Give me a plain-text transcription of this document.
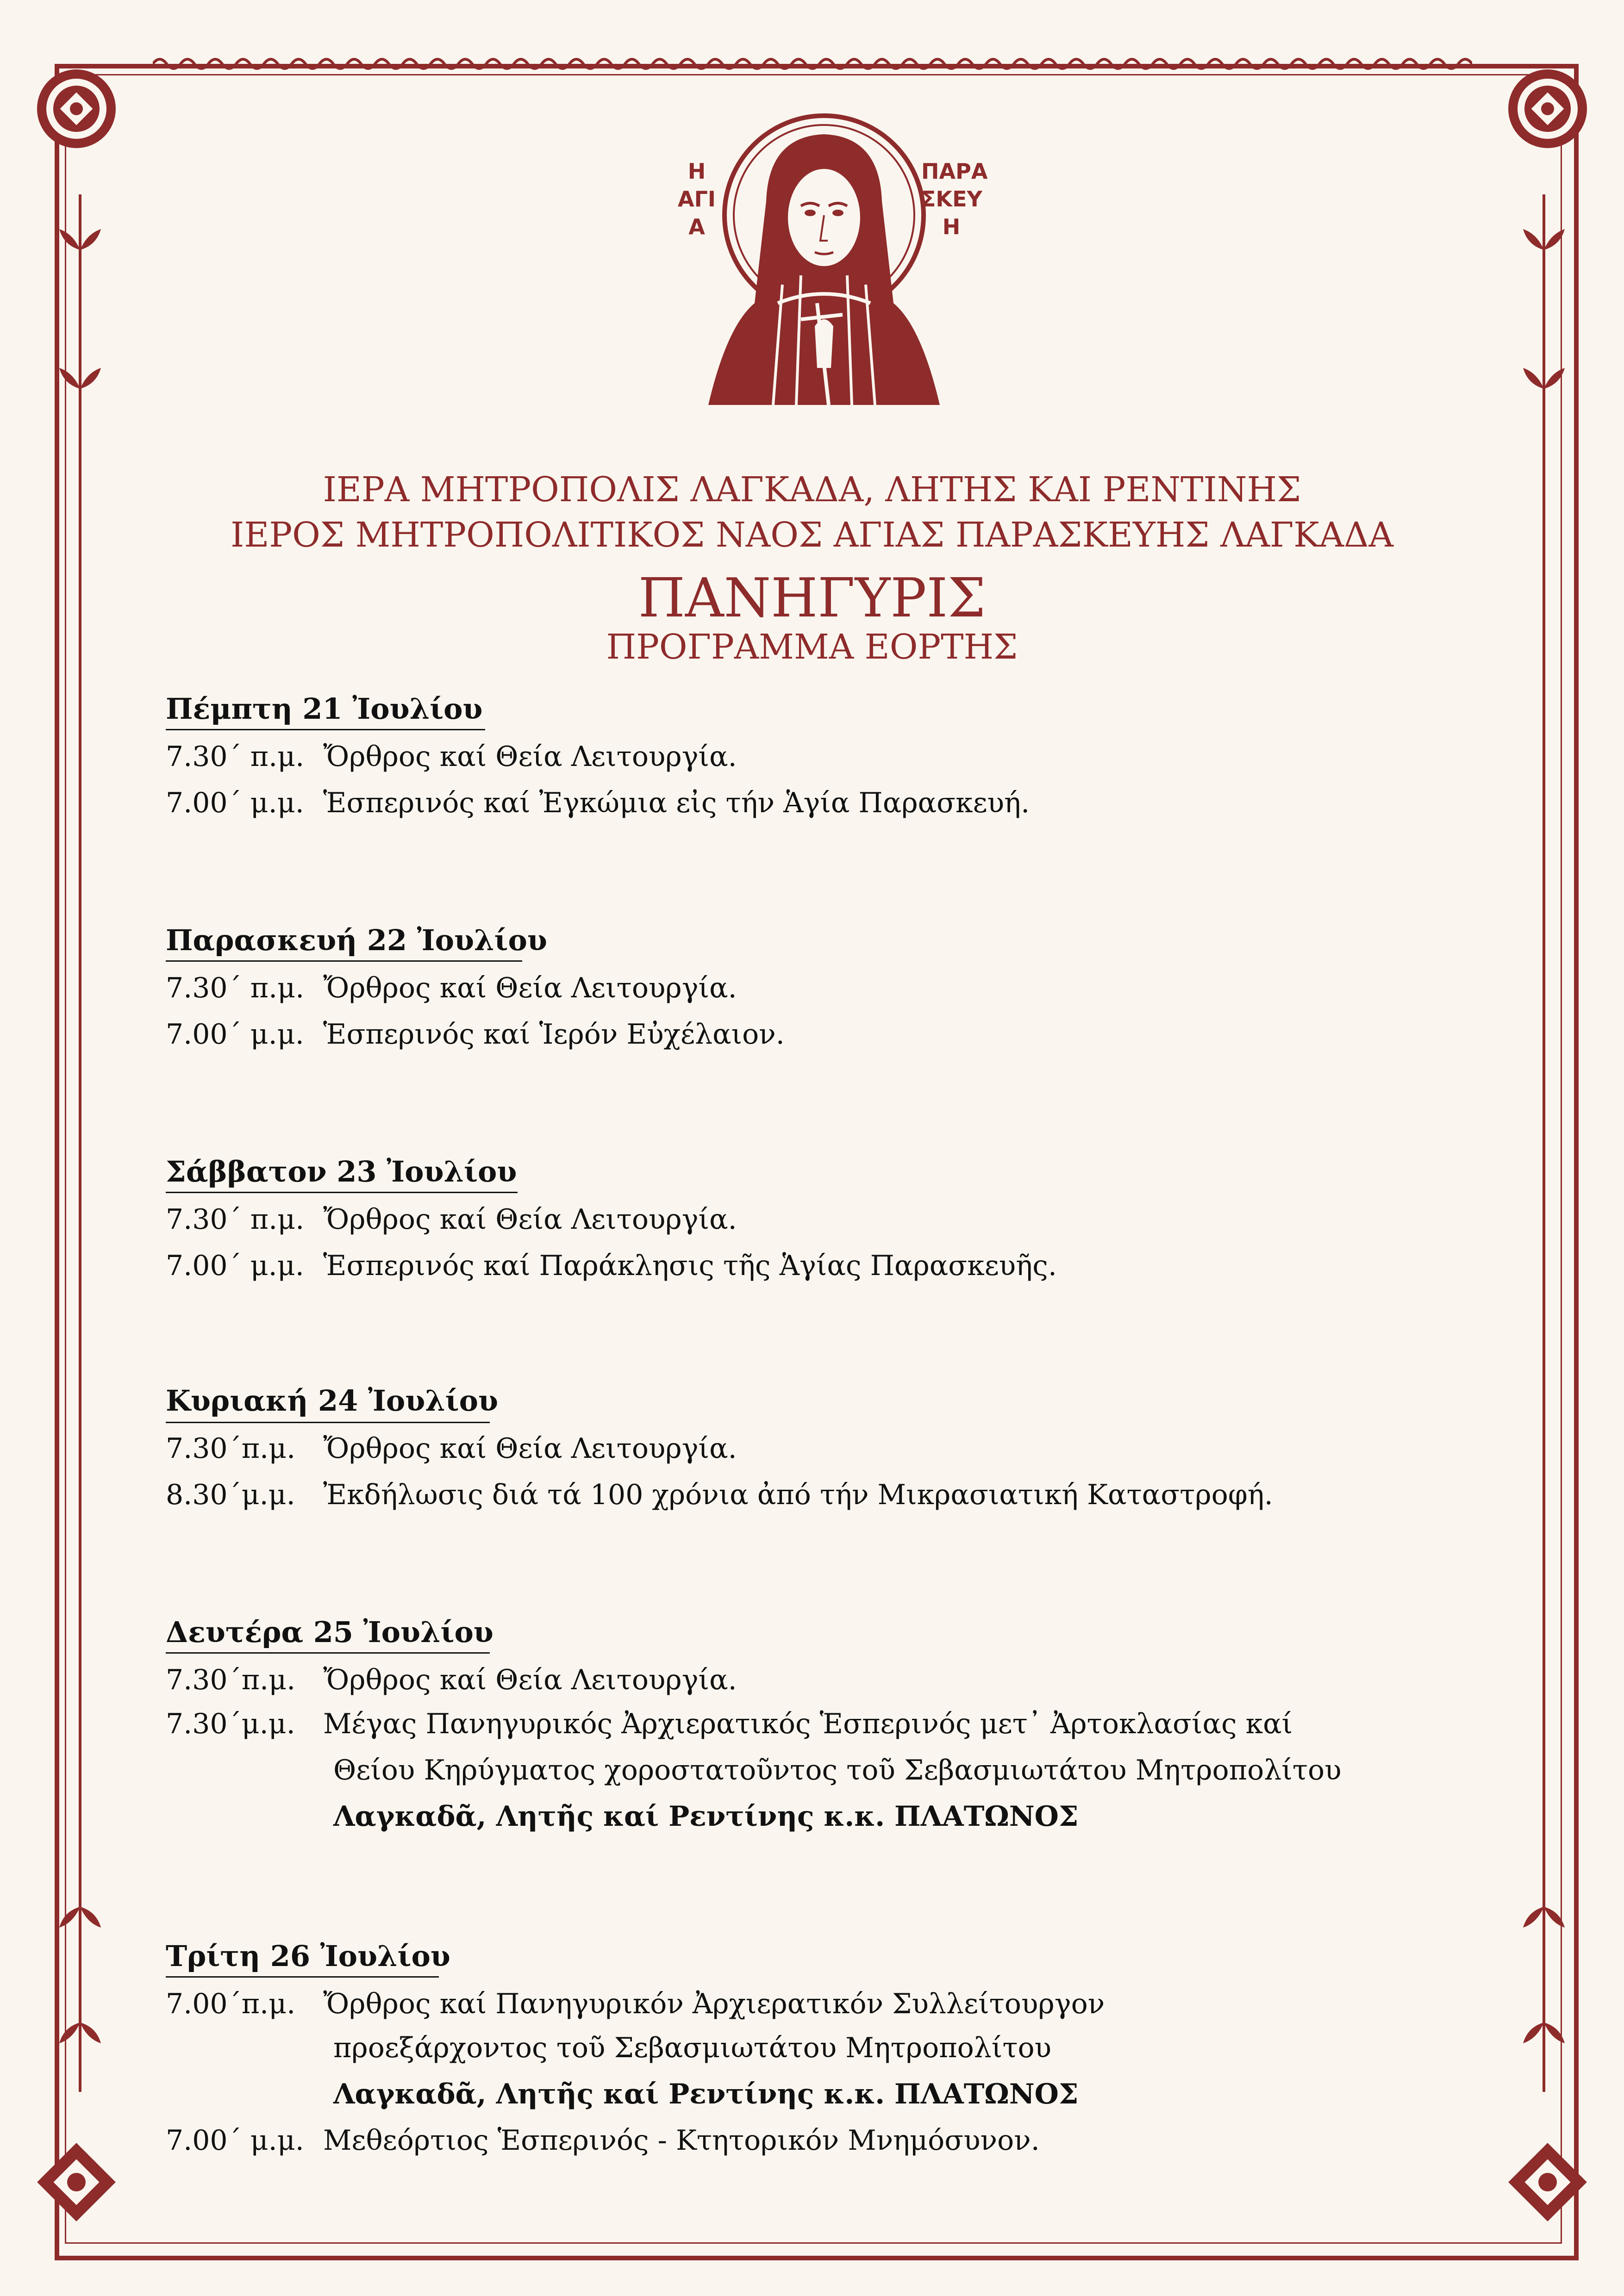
Η
ΑΓΙ
Α
ΠΑΡΑ
ΣΚΕΥ
Η
ΙΕΡΑ ΜΗΤΡΟΠΟΛΙΣ ΛΑΓΚΑΔΑ, ΛΗΤΗΣ ΚΑΙ ΡΕΝΤΙΝΗΣ
ΙΕΡΟΣ ΜΗΤΡΟΠΟΛΙΤΙΚΟΣ ΝΑΟΣ ΑΓΙΑΣ ΠΑΡΑΣΚΕΥΗΣ ΛΑΓΚΑΔΑ
ΠΑΝΗΓΥΡΙΣ
ΠΡΟΓΡΑΜΜΑ ΕΟΡΤΗΣ
Πέμπτη 21 Ἰουλίου
7.30΄ π.μ. Ὄρθρος καί Θεία Λειτουργία.
7.00΄ μ.μ. Ἑσπερινός καί Ἐγκώμια εἰς τήν Ἁγία Παρασκευή.
Παρασκευή 22 Ἰουλίου
7.30΄ π.μ. Ὄρθρος καί Θεία Λειτουργία.
7.00΄ μ.μ. Ἑσπερινός καί Ἱερόν Εὐχέλαιον.
Σάββατον 23 Ἰουλίου
7.30΄ π.μ. Ὄρθρος καί Θεία Λειτουργία.
7.00΄ μ.μ. Ἑσπερινός καί Παράκλησις τῆς Ἁγίας Παρασκευῆς.
Κυριακή 24 Ἰουλίου
7.30΄π.μ. Ὄρθρος καί Θεία Λειτουργία.
8.30΄μ.μ. Ἐκδήλωσις διά τά 100 χρόνια ἀπό τήν Μικρασιατική Καταστροφή.
Δευτέρα 25 Ἰουλίου
7.30΄π.μ. Ὄρθρος καί Θεία Λειτουργία.
7.30΄μ.μ. Μέγας Πανηγυρικός Ἀρχιερατικός Ἑσπερινός μετ᾽ Ἀρτοκλασίας καί
Θείου Κηρύγματος χοροστατοῦντος τοῦ Σεβασμιωτάτου Μητροπολίτου
Λαγκαδᾶ, Λητῆς καί Ρεντίνης κ.κ. ΠΛΑΤΩΝΟΣ
Τρίτη 26 Ἰουλίου
7.00΄π.μ. Ὄρθρος καί Πανηγυρικόν Ἀρχιερατικόν Συλλείτουργον
προεξάρχοντος τοῦ Σεβασμιωτάτου Μητροπολίτου
Λαγκαδᾶ, Λητῆς καί Ρεντίνης κ.κ. ΠΛΑΤΩΝΟΣ
7.00΄ μ.μ. Μεθεόρτιος Ἑσπερινός - Κτητορικόν Μνημόσυνον.
